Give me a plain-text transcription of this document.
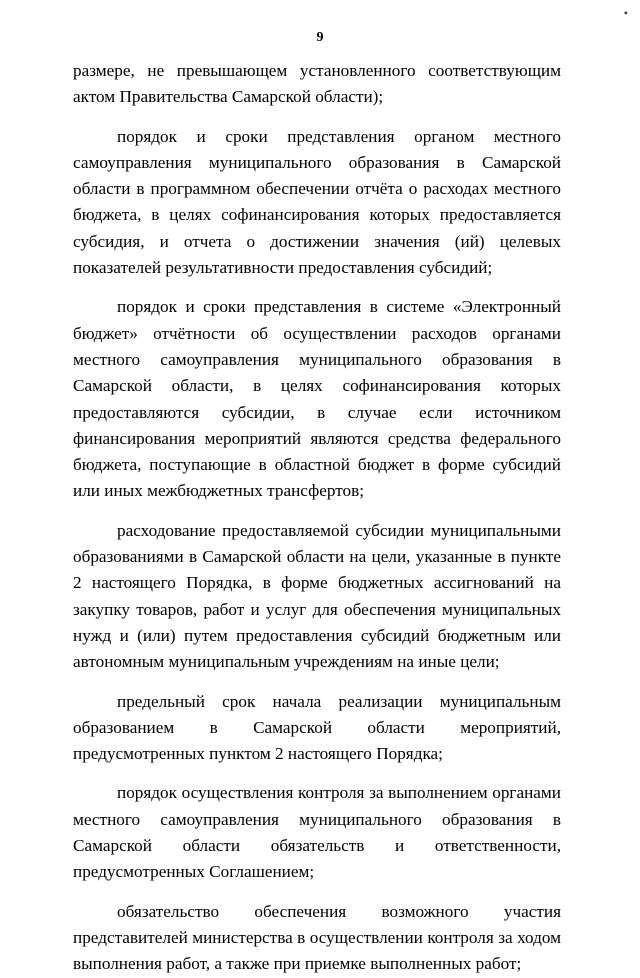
•
9

размере, не превышающем установленного соответствующим актом Правительства Самарской области);

порядок и сроки представления органом местного самоуправления муниципального образования в Самарской области в программном обеспечении отчёта о расходах местного бюджета, в целях софинансирования которых предоставляется субсидия, и отчета о достижении значения (ий) целевых показателей результативности предоставления субсидий;

порядок и сроки представления в системе «Электронный бюджет» отчётности об осуществлении расходов органами местного самоуправления муниципального образования в Самарской области, в целях софинансирования которых предоставляются субсидии, в случае если источником финансирования мероприятий являются средства федерального бюджета, поступающие в областной бюджет в форме субсидий или иных межбюджетных трансфертов;

расходование предоставляемой субсидии муниципальными образованиями в Самарской области на цели, указанные в пункте 2 настоящего Порядка, в форме бюджетных ассигнований на закупку товаров, работ и услуг для обеспечения муниципальных нужд и (или) путем предоставления субсидий бюджетным или автономным муниципальным учреждениям на иные цели;

предельный срок начала реализации муниципальным образованием в Самарской области мероприятий, предусмотренных пунктом 2 настоящего Порядка;

порядок осуществления контроля за выполнением органами местного самоуправления муниципального образования в Самарской области обязательств и ответственности, предусмотренных Соглашением;

обязательство обеспечения возможного участия представителей министерства в осуществлении контроля за ходом выполнения работ, а также при приемке выполненных работ;
